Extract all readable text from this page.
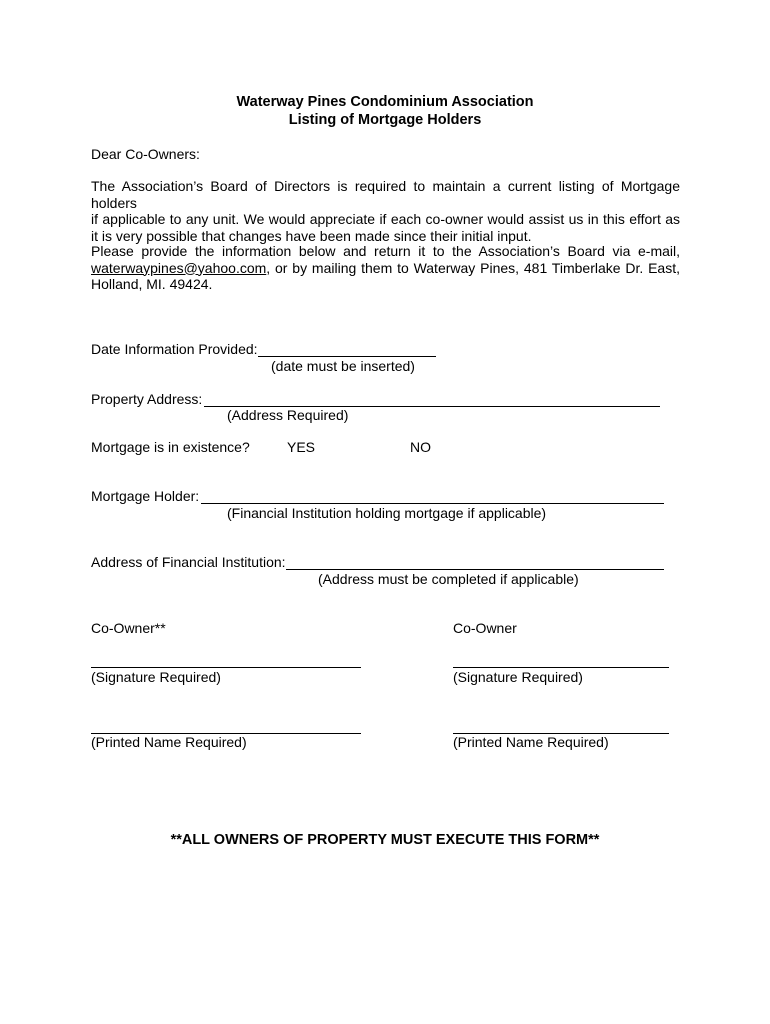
Waterway Pines Condominium Association
Listing of Mortgage Holders
Dear Co-Owners:
The Association’s Board of Directors is required to maintain a current listing of Mortgage holders
if applicable to any unit. We would appreciate if each co-owner would assist us in this effort as
it is very possible that changes have been made since their initial input.
Please provide the information below and return it to the Association’s Board via e-mail,
waterwaypines@yahoo.com, or by mailing them to Waterway Pines, 481 Timberlake Dr. East,
Holland, MI. 49424.
Date Information Provided:
(date must be inserted)
Property Address:
(Address Required)
Mortgage is in existence?	YES	NO
Mortgage Holder:
(Financial Institution holding mortgage if applicable)
Address of Financial Institution:
(Address must be completed if applicable)
Co-Owner**	Co-Owner
(Signature Required)	(Signature Required)
(Printed Name Required)	(Printed Name Required)
**ALL OWNERS OF PROPERTY MUST EXECUTE THIS FORM**
